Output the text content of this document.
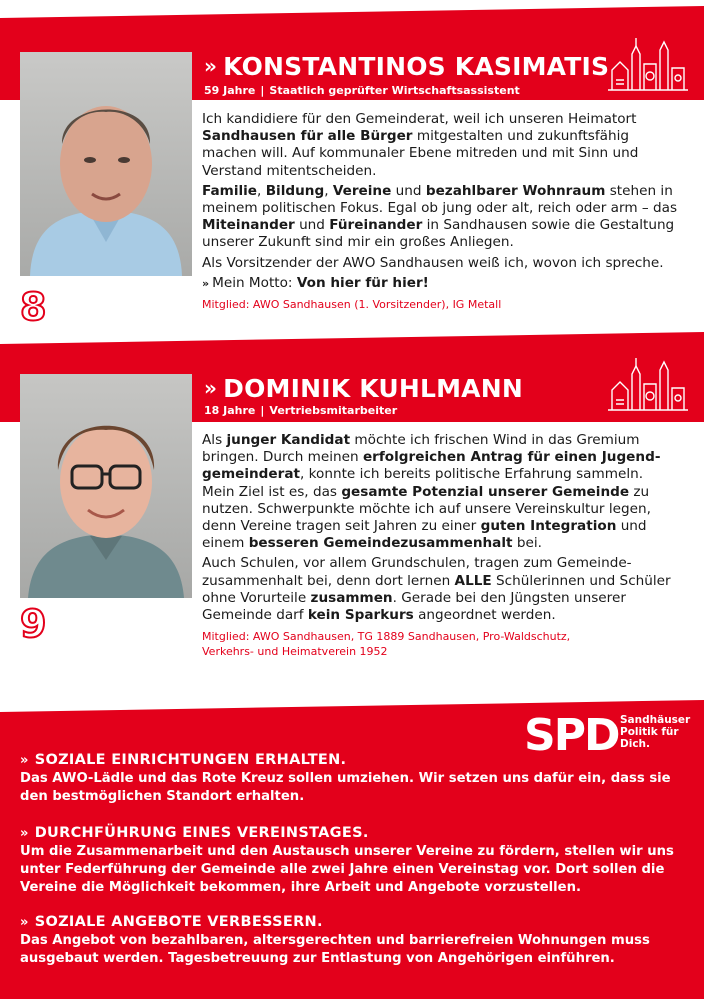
» KONSTANTINOS KASIMATIS
59 Jahre | Staatlich geprüfter Wirtschaftsassistent
8

Ich kandidiere für den Gemeinderat, weil ich unseren Heimatort Sandhausen für alle Bürger mitgestalten und zukunftsfähig machen will. Auf kommunaler Ebene mitreden und mit Sinn und Verstand mitentscheiden.

Familie, Bildung, Vereine und bezahlbarer Wohnraum stehen in meinem politischen Fokus. Egal ob jung oder alt, reich oder arm – das Miteinander und Füreinander in Sandhausen sowie die Gestaltung unserer Zukunft sind mir ein großes Anliegen.

Als Vorsitzender der AWO Sandhausen weiß ich, wovon ich spreche.

» Mein Motto: Von hier für hier!

Mitglied: AWO Sandhausen (1. Vorsitzender), IG Metall
» DOMINIK KUHLMANN
18 Jahre | Vertriebsmitarbeiter
9

Als junger Kandidat möchte ich frischen Wind in das Gremium bringen. Durch meinen erfolgreichen Antrag für einen Jugend-gemeinderat, konnte ich bereits politische Erfahrung sammeln. Mein Ziel ist es, das gesamte Potenzial unserer Gemeinde zu nutzen. Schwerpunkte möchte ich auf unsere Vereinskultur legen, denn Vereine tragen seit Jahren zu einer guten Integration und einem besseren Gemeindezusammenhalt bei.

Auch Schulen, vor allem Grundschulen, tragen zum Gemeinde-zusammenhalt bei, denn dort lernen ALLE Schülerinnen und Schüler ohne Vorurteile zusammen. Gerade bei den Jüngsten unserer Gemeinde darf kein Sparkurs angeordnet werden.

Mitglied: AWO Sandhausen, TG 1889 Sandhausen, Pro-Waldschutz,
Verkehrs- und Heimatverein 1952
SPD Sandhäuser
Politik für
Dich.
» SOZIALE EINRICHTUNGEN ERHALTEN.
Das AWO-Lädle und das Rote Kreuz sollen umziehen. Wir setzen uns dafür ein, dass sie den bestmöglichen Standort erhalten.
» DURCHFÜHRUNG EINES VEREINSTAGES.
Um die Zusammenarbeit und den Austausch unserer Vereine zu fördern, stellen wir uns unter Federführung der Gemeinde alle zwei Jahre einen Vereinstag vor. Dort sollen die Vereine die Möglichkeit bekommen, ihre Arbeit und Angebote vorzustellen.
» SOZIALE ANGEBOTE VERBESSERN.
Das Angebot von bezahlbaren, altersgerechten und barrierefreien Wohnungen muss ausgebaut werden. Tagesbetreuung zur Entlastung von Angehörigen einführen.
